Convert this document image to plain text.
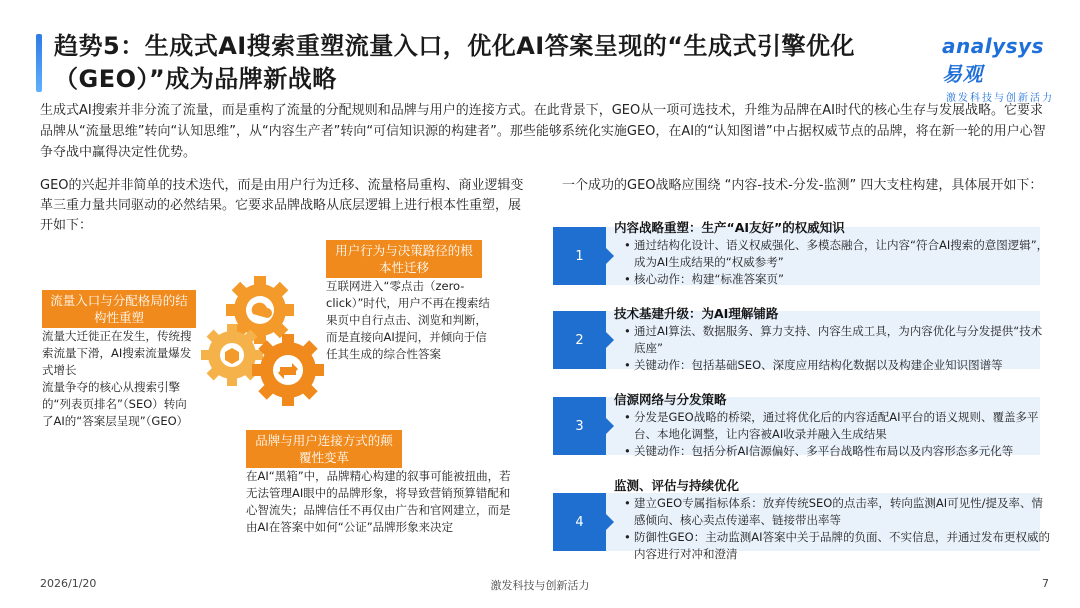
趋势5：生成式AI搜索重塑流量入口，优化AI答案呈现的“生成式引擎优化（GEO）”成为品牌新战略
analysys 易观
激发科技与创新活力
生成式AI搜索并非分流了流量，而是重构了流量的分配规则和品牌与用户的连接方式。在此背景下，GEO从一项可选技术，升维为品牌在AI时代的核心生存与发展战略。它要求品牌从“流量思维”转向“认知思维”，从“内容生产者”转向“可信知识源的构建者”。那些能够系统化实施GEO，在AI的“认知图谱”中占据权威节点的品牌，将在新一轮的用户心智争夺战中赢得决定性优势。
GEO的兴起并非简单的技术迭代，而是由用户行为迁移、流量格局重构、商业逻辑变革三重力量共同驱动的必然结果。它要求品牌战略从底层逻辑上进行根本性重塑，展开如下：
一个成功的GEO战略应围绕 “内容-技术-分发-监测” 四大支柱构建，具体展开如下：
用户行为与决策路径的根本性迁移
互联网进入“零点击（zero-click）”时代，用户不再在搜索结果页中自行点击、浏览和判断，而是直接向AI提问，并倾向于信任其生成的综合性答案
流量入口与分配格局的结构性重塑
流量大迁徙正在发生，传统搜索流量下滑，AI搜索流量爆发式增长
流量争夺的核心从搜索引擎的“列表页排名”（SEO）转向了AI的“答案层呈现”（GEO）
品牌与用户连接方式的颠覆性变革
在AI“黑箱”中，品牌精心构建的叙事可能被扭曲，若无法管理AI眼中的品牌形象，将导致营销预算错配和心智流失；品牌信任不再仅由广告和官网建立，而是由AI在答案中如何“公证”品牌形象来决定
1
内容战略重塑：生产“AI友好”的权威知识
• 通过结构化设计、语义权威强化、多模态融合，让内容“符合AI搜索的意图逻辑”，成为AI生成结果的“权威参考”
• 核心动作：构建“标准答案页”
2
技术基建升级：为AI理解铺路
• 通过AI算法、数据服务、算力支持、内容生成工具，为内容优化与分发提供“技术底座”
• 关键动作：包括基础SEO、深度应用结构化数据以及构建企业知识图谱等
3
信源网络与分发策略
• 分发是GEO战略的桥梁，通过将优化后的内容适配AI平台的语义规则、覆盖多平台、本地化调整，让内容被AI收录并融入生成结果
• 关键动作：包括分析AI信源偏好、多平台战略性布局以及内容形态多元化等
4
监测、评估与持续优化
• 建立GEO专属指标体系：放弃传统SEO的点击率，转向监测AI可见性/提及率、情感倾向、核心卖点传递率、链接带出率等
• 防御性GEO：主动监测AI答案中关于品牌的负面、不实信息，并通过发布更权威的内容进行对冲和澄清
2026/1/20	激发科技与创新活力	7
